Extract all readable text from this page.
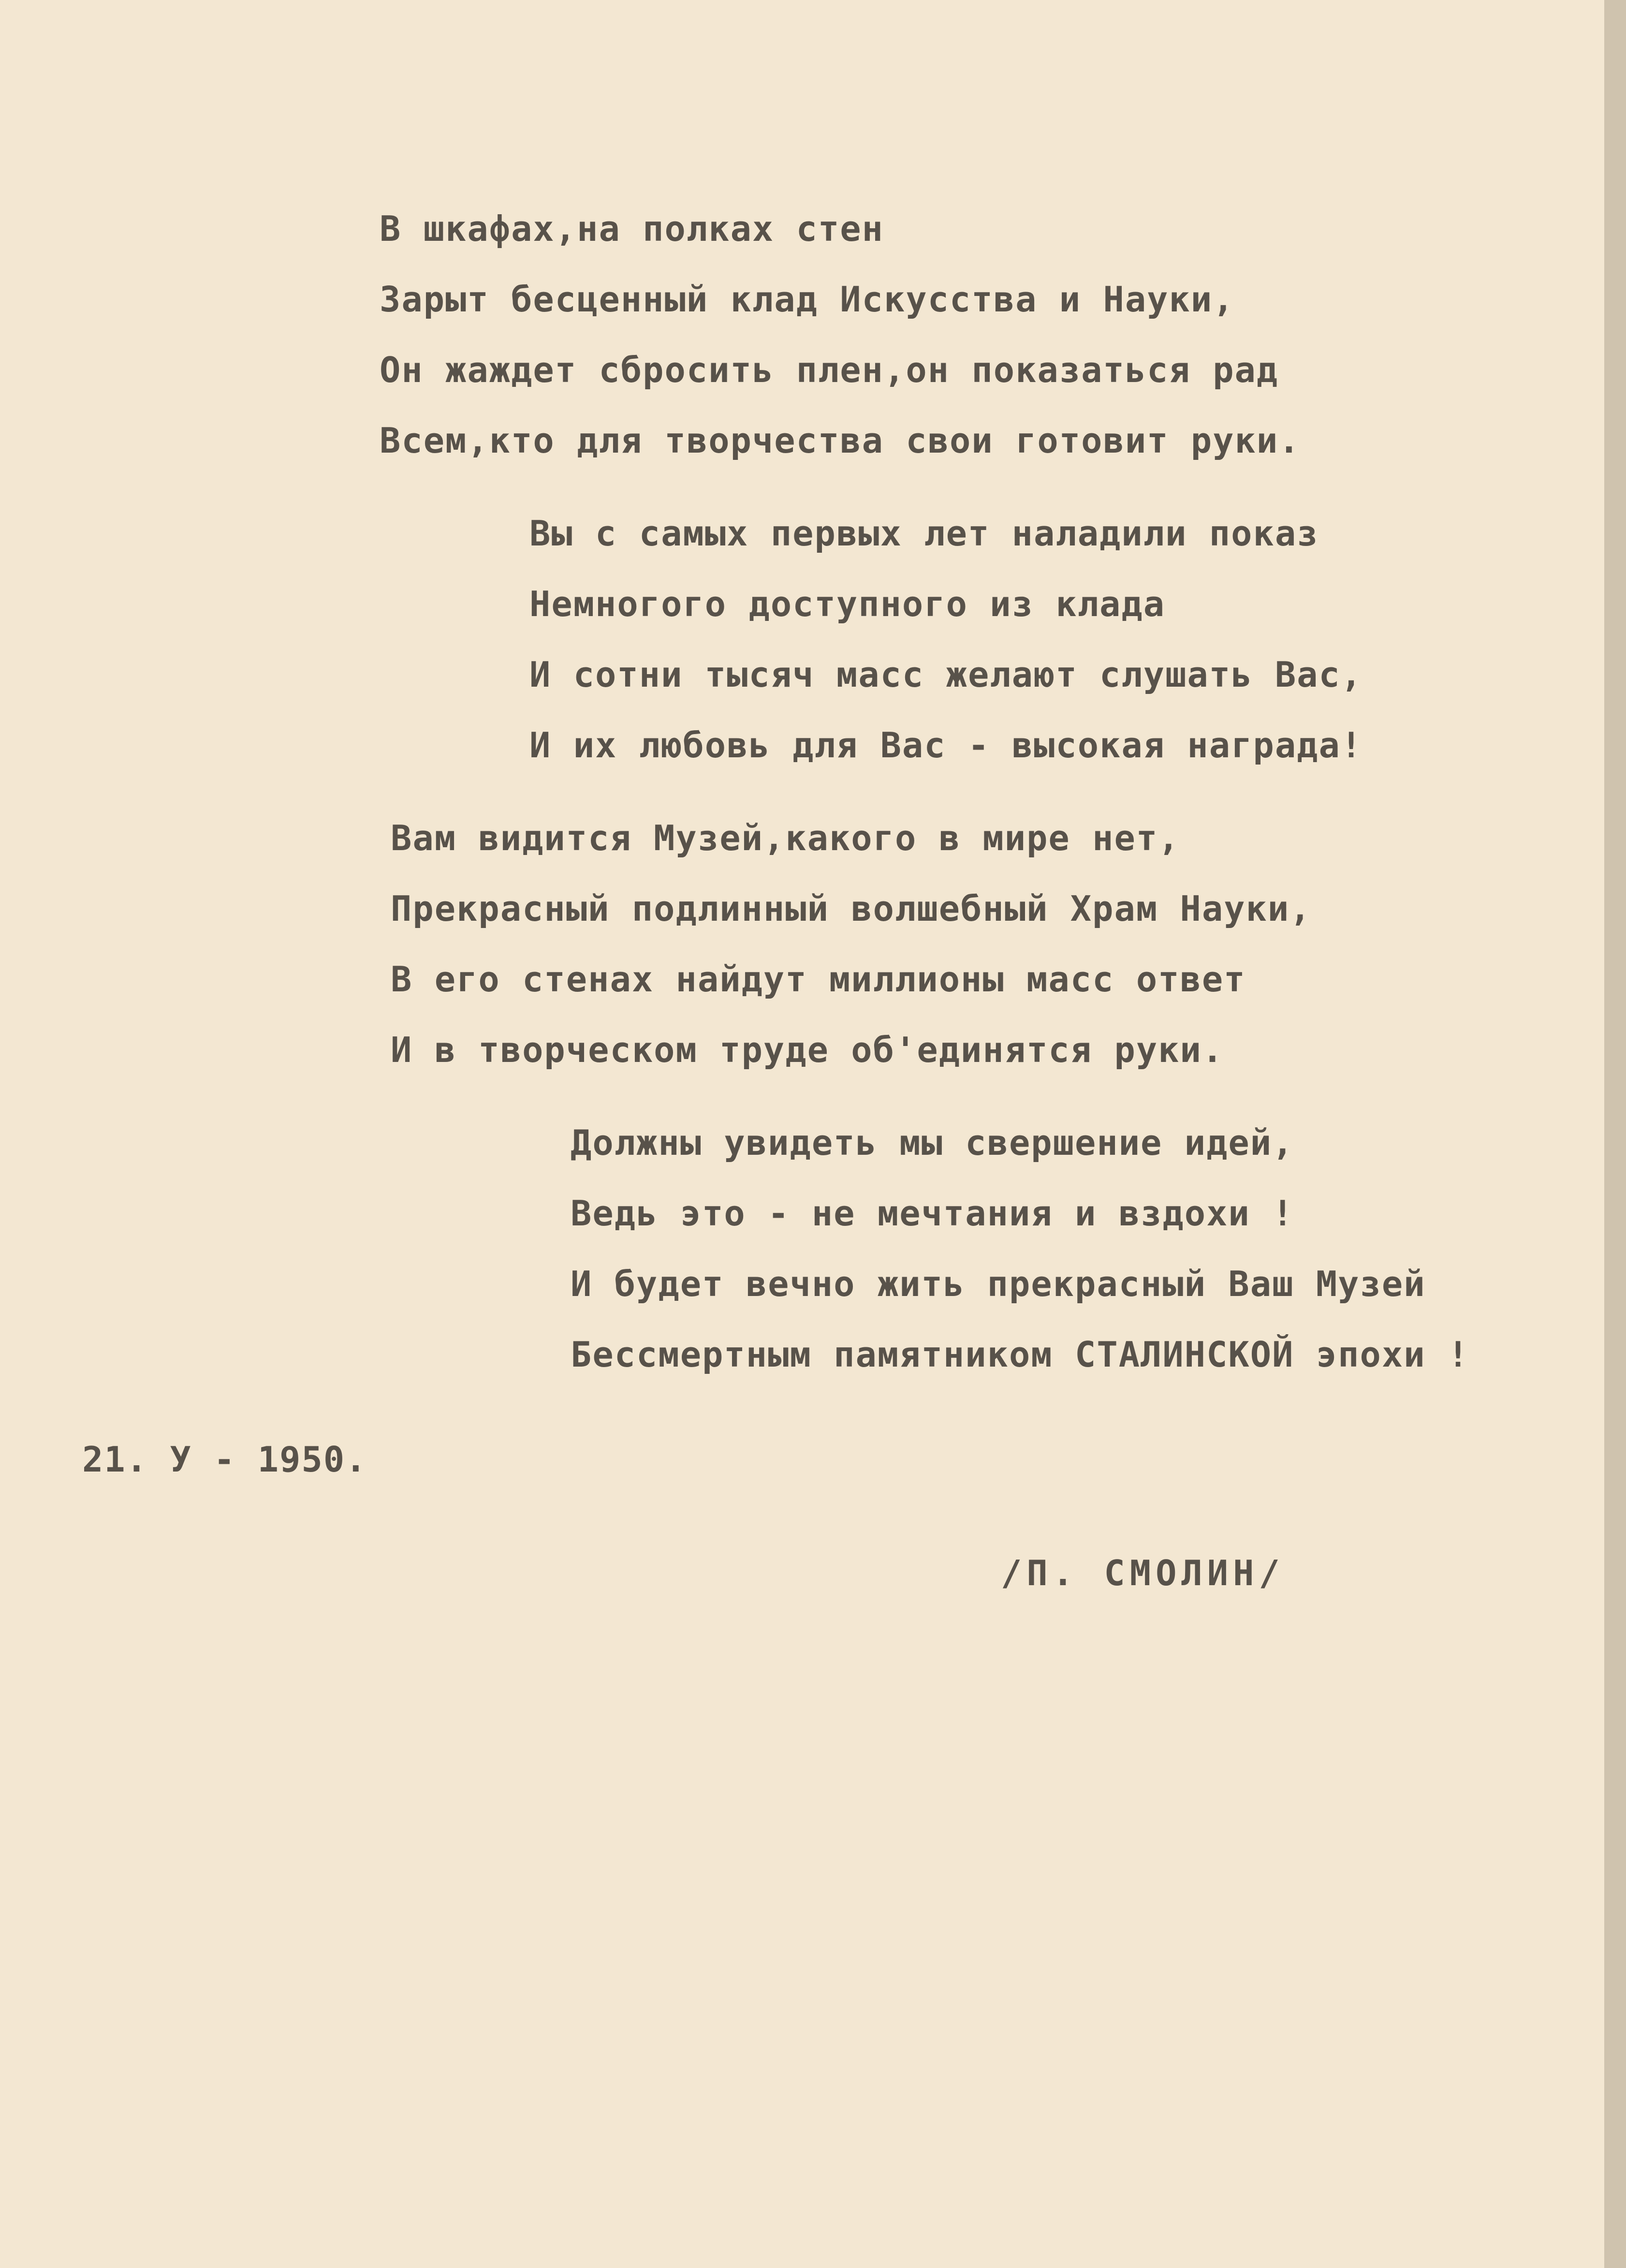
В шкафах,на полках стен
Зарыт бесценный клад Искусства и Науки,
Он жаждет сбросить плен,он показаться рад
Всем,кто для творчества свои готовит руки.
Вы с самых первых лет наладили показ
Немногого доступного из клада
И сотни тысяч масс желают слушать Вас,
И их любовь для Вас - высокая награда!
Вам видится Музей,какого в мире нет,
Прекрасный подлинный волшебный Храм Науки,
В его стенах найдут миллионы масс ответ
И в творческом труде об'единятся руки.
Должны увидеть мы свершение идей,
Ведь это - не мечтания и вздохи !
И будет вечно жить прекрасный Ваш Музей
Бессмертным памятником СТАЛИНСКОЙ эпохи !
21. У - 1950.
/П. СМОЛИН/
